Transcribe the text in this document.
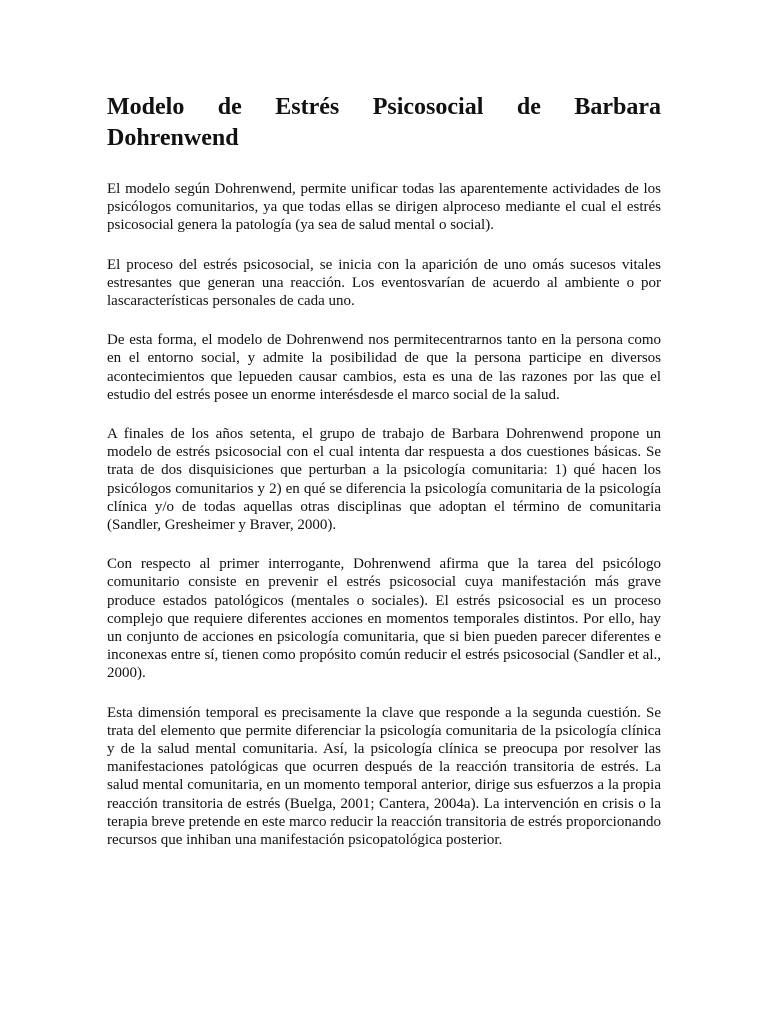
Modelo de Estrés Psicosocial de Barbara Dohrenwend

El modelo según Dohrenwend, permite unificar todas las aparentemente actividades de los psicólogos comunitarios, ya que todas ellas se dirigen alproceso mediante el cual el estrés psicosocial genera la patología (ya sea de salud mental o social).

El proceso del estrés psicosocial, se inicia con la aparición de uno omás sucesos vitales estresantes que generan una reacción. Los eventosvarían de acuerdo al ambiente o por lascaracterísticas personales de cada uno.

De esta forma, el modelo de Dohrenwend nos permitecentrarnos tanto en la persona como en el entorno social, y admite la posibilidad de que la persona participe en diversos acontecimientos que lepueden causar cambios, esta es una de las razones por las que el estudio del estrés posee un enorme interésdesde el marco social de la salud.

A finales de los años setenta, el grupo de trabajo de Barbara Dohrenwend propone un modelo de estrés psicosocial con el cual intenta dar respuesta a dos cuestiones básicas. Se trata de dos disquisiciones que perturban a la psicología comunitaria: 1) qué hacen los psicólogos comunitarios y 2) en qué se diferencia la psicología comunitaria de la psicología clínica y/o de todas aquellas otras disciplinas que adoptan el término de comunitaria (Sandler, Gresheimer y Braver, 2000).

Con respecto al primer interrogante, Dohrenwend afirma que la tarea del psicólogo comunitario consiste en prevenir el estrés psicosocial cuya manifestación más grave produce estados patológicos (mentales o sociales). El estrés psicosocial es un proceso complejo que requiere diferentes acciones en momentos temporales distintos. Por ello, hay un conjunto de acciones en psicología comunitaria, que si bien pueden parecer diferentes e inconexas entre sí, tienen como propósito común reducir el estrés psicosocial (Sandler et al., 2000).

Esta dimensión temporal es precisamente la clave que responde a la segunda cuestión. Se trata del elemento que permite diferenciar la psicología comunitaria de la psicología clínica y de la salud mental comunitaria. Así, la psicología clínica se preocupa por resolver las manifestaciones patológicas que ocurren después de la reacción transitoria de estrés. La salud mental comunitaria, en un momento temporal anterior, dirige sus esfuerzos a la propia reacción transitoria de estrés (Buelga, 2001; Cantera, 2004a). La intervención en crisis o la terapia breve pretende en este marco reducir la reacción transitoria de estrés proporcionando recursos que inhiban una manifestación psicopatológica posterior.
